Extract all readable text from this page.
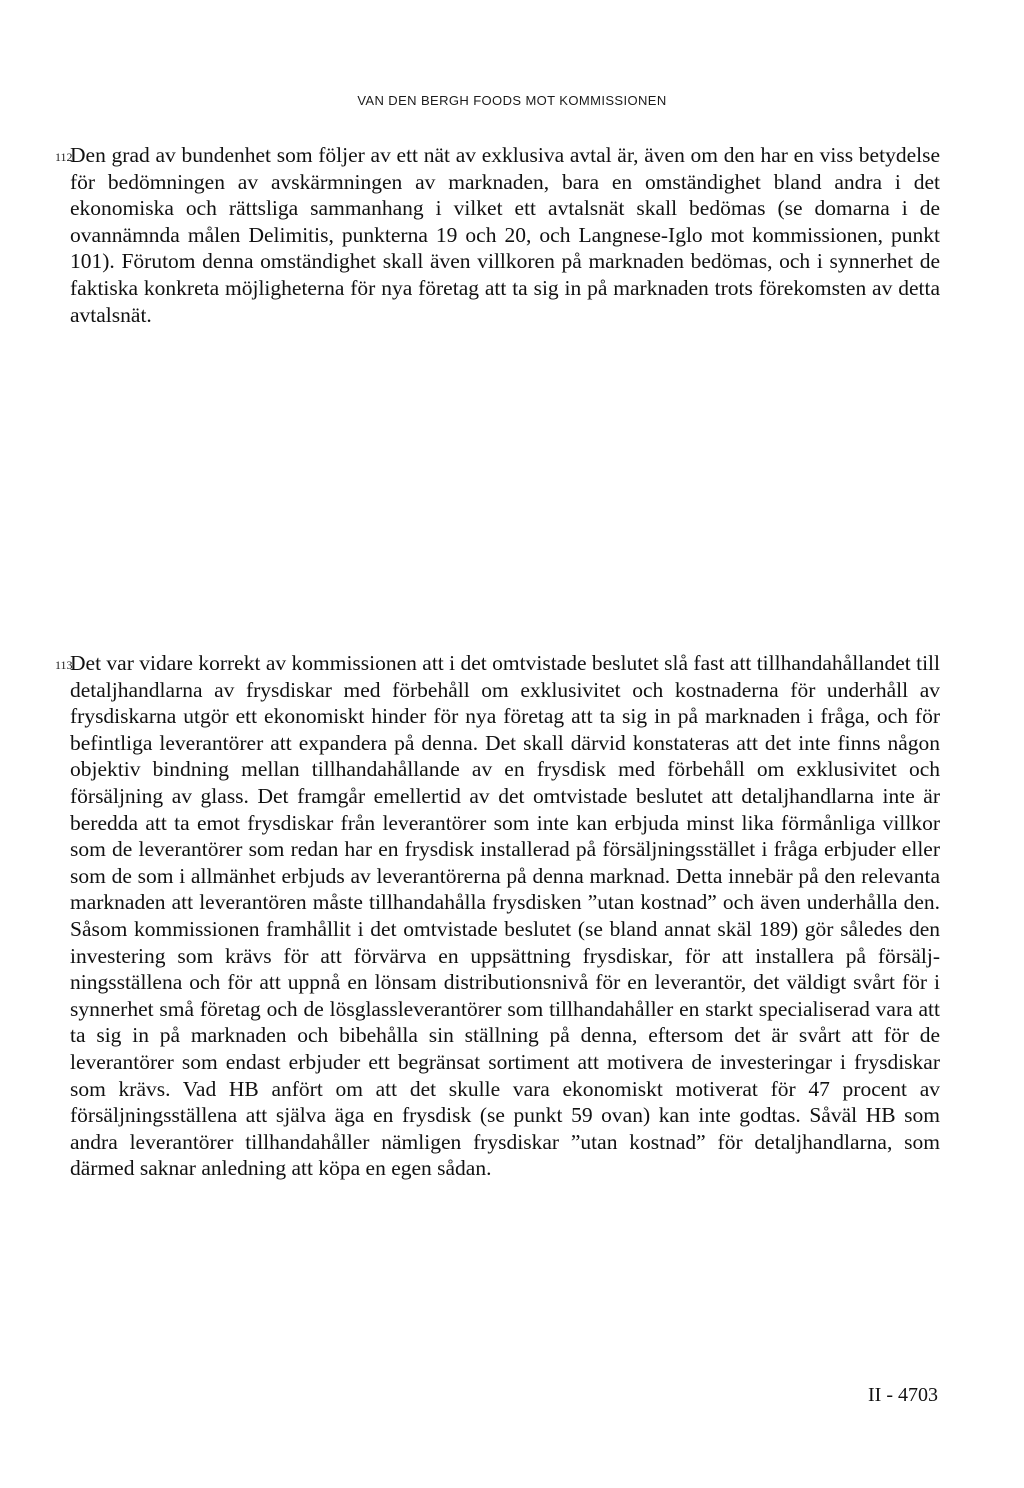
VAN DEN BERGH FOODS MOT KOMMISSIONEN
112

Den grad av bundenhet som följer av ett nät av exklusiva avtal är, även om den har en viss betydelse för bedömningen av avskärmningen av marknaden, bara en omständighet bland andra i det ekonomiska och rättsliga sammanhang i vilket ett avtalsnät skall bedömas (se domarna i de ovannämnda målen Delimitis, punkterna 19 och 20, och Langnese-Iglo mot kommissionen, punkt 101). Förutom denna omständighet skall även villkoren på marknaden bedömas, och i synnerhet de faktiska konkreta möjligheterna för nya företag att ta sig in på marknaden trots förekomsten av detta avtalsnät.

113

Det var vidare korrekt av kommissionen att i det omtvistade beslutet slå fast att tillhandahållandet till detaljhandlarna av frysdiskar med förbehåll om exklusivitet och kostnaderna för underhåll av frysdiskarna utgör ett ekonomiskt hinder för nya företag att ta sig in på marknaden i fråga, och för befintliga leverantörer att expandera på denna. Det skall därvid konstateras att det inte finns någon objektiv bindning mellan tillhandahållande av en frysdisk med förbehåll om exklusivitet och försäljning av glass. Det framgår emellertid av det omtvistade beslutet att detaljhandlarna inte är beredda att ta emot frysdiskar från leverantörer som inte kan erbjuda minst lika förmånliga villkor som de leverantörer som redan har en frysdisk installerad på försäljningsstället i fråga erbjuder eller som de som i allmänhet erbjuds av leverantörerna på denna marknad. Detta innebär på den relevanta marknaden att leverantören måste tillhandahålla frysdisken ”utan kostnad” och även underhålla den. Såsom kommissionen framhållit i det omtvistade beslutet (se bland annat skäl 189) gör således den investering som krävs för att förvärva en uppsättning frysdiskar, för att installera på försäljningsställena och för att uppnå en lönsam distributionsnivå för en leverantör, det väldigt svårt för i synnerhet små företag och de lösglassleverantörer som tillhandahåller en starkt specialiserad vara att ta sig in på marknaden och bibehålla sin ställning på denna, eftersom det är svårt att för de leverantörer som endast erbjuder ett begränsat sortiment att motivera de investeringar i frysdiskar som krävs. Vad HB anfört om att det skulle vara ekonomiskt motiverat för 47 procent av försäljningsställena att själva äga en frysdisk (se punkt 59 ovan) kan inte godtas. Såväl HB som andra leverantörer tillhandahåller nämligen frysdiskar ”utan kostnad” för detaljhandlarna, som därmed saknar anledning att köpa en egen sådan.

II - 4703
